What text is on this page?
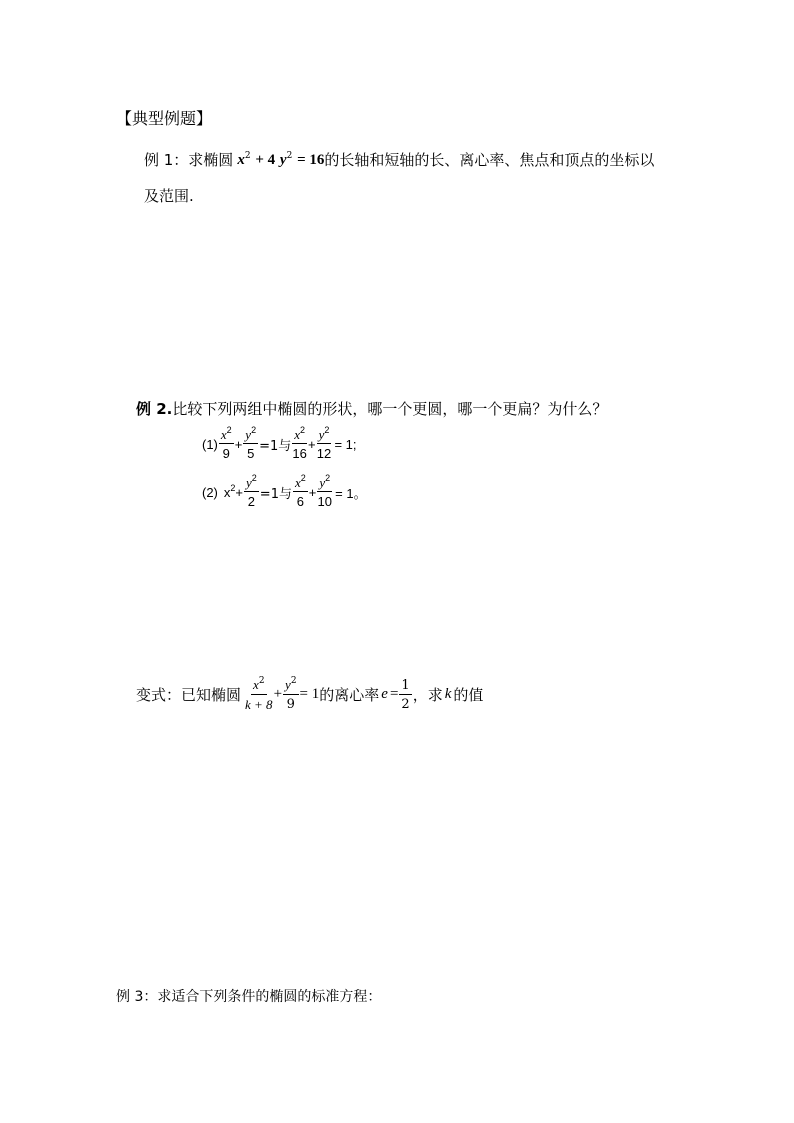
【典型例题】
例 1：求椭圆 $x^2 + 4$ $y^2 = 16$ 的长轴和短轴的长、离心率、焦点和顶点的坐标以
及范围.
例 2. 比较下列两组中椭圆的形状，哪一个更圆，哪一个更扁？为什么？
$(1) \frac{x^2}{9} + \frac{y^2}{5} =1$与 $\frac{x^2}{16} + \frac{y^2}{12} = 1$;
(2) $x^2 + \frac{y^2}{2} =1$与 $\frac{x^2}{6} + \frac{y^2}{10} = 1$。
变式：已知椭圆 $\frac{x^2}{k + 8} + \frac{y^2}{9} = 1$ 的离心率 $e = \frac{1}{2}$ ，求 k 的值
例 3：求适合下列条件的椭圆的标准方程：
